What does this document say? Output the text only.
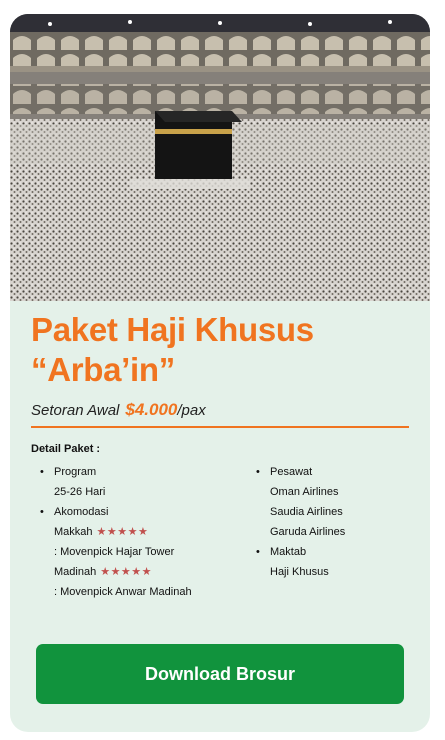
Paket Haji Khusus
“Arba’in”
Setoran Awal $4.000/pax
Detail Paket :
• Program
25-26 Hari
• Akomodasi
Makkah ★★★★★
: Movenpick Hajar Tower
Madinah ★★★★★
: Movenpick Anwar Madinah
• Pesawat
Oman Airlines
Saudia Airlines
Garuda Airlines
• Maktab
Haji Khusus
Download Brosur
